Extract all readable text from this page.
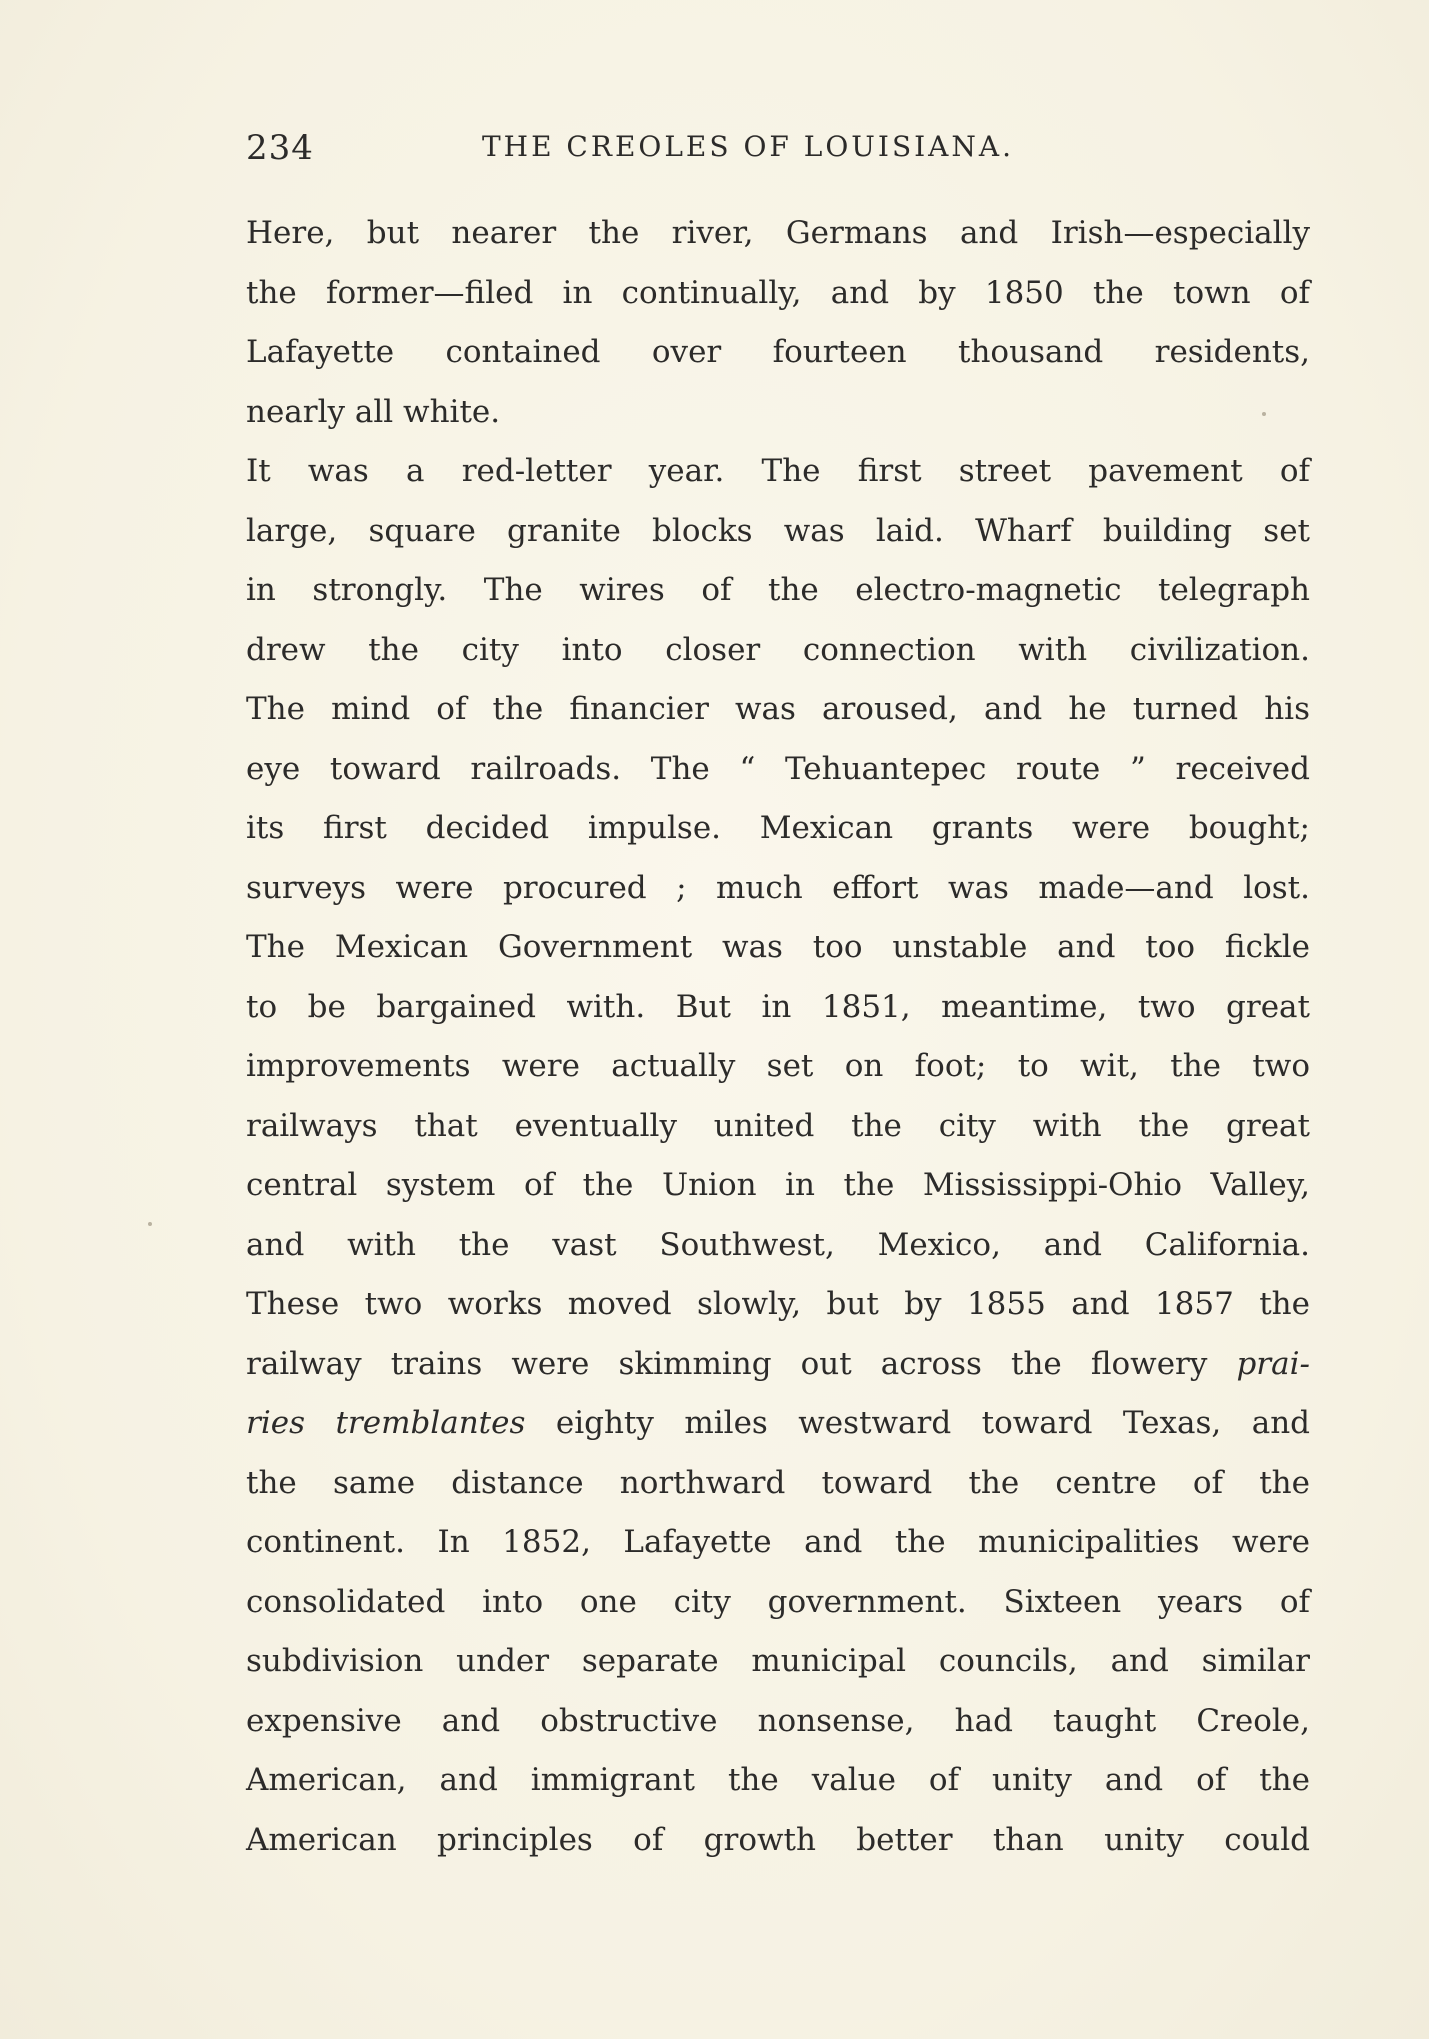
234	THE CREOLES OF LOUISIANA.
Here, but nearer the river, Germans and Irish—especially
the former—filed in continually, and by 1850 the town of
Lafayette contained over fourteen thousand residents,
nearly all white.
It was a red-letter year. The first street pavement of
large, square granite blocks was laid. Wharf building set
in strongly. The wires of the electro-magnetic telegraph
drew the city into closer connection with civilization.
The mind of the financier was aroused, and he turned his
eye toward railroads. The “ Tehuantepec route ” received
its first decided impulse. Mexican grants were bought;
surveys were procured ; much effort was made—and lost.
The Mexican Government was too unstable and too fickle
to be bargained with. But in 1851, meantime, two great
improvements were actually set on foot; to wit, the two
railways that eventually united the city with the great
central system of the Union in the Mississippi-Ohio Valley,
and with the vast Southwest, Mexico, and California.
These two works moved slowly, but by 1855 and 1857 the
railway trains were skimming out across the flowery prai-
ries tremblantes eighty miles westward toward Texas, and
the same distance northward toward the centre of the
continent. In 1852, Lafayette and the municipalities were
consolidated into one city government. Sixteen years of
subdivision under separate municipal councils, and similar
expensive and obstructive nonsense, had taught Creole,
American, and immigrant the value of unity and of the
American principles of growth better than unity could
